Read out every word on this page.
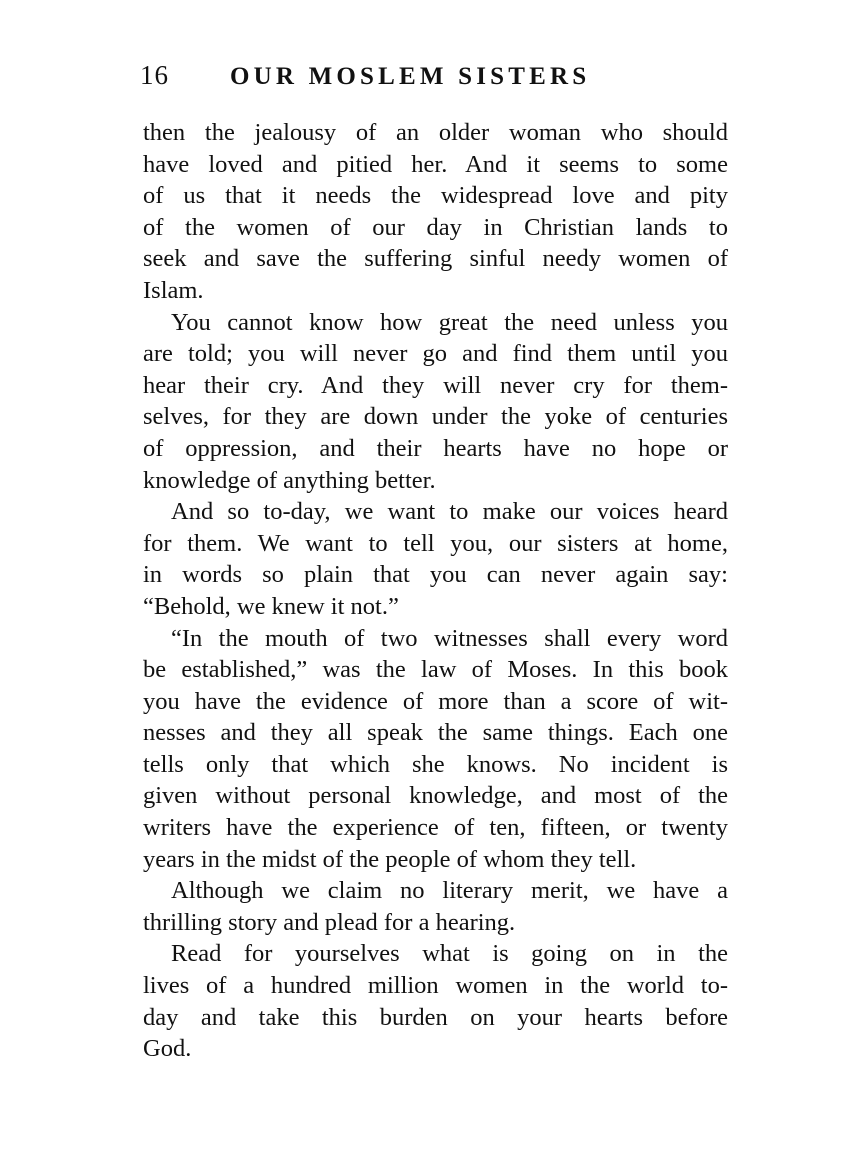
16	OUR MOSLEM SISTERS
then the jealousy of an older woman who should
have loved and pitied her. And it seems to some
of us that it needs the widespread love and pity
of the women of our day in Christian lands to
seek and save the suffering sinful needy women of
Islam.
You cannot know how great the need unless you
are told; you will never go and find them until you
hear their cry. And they will never cry for them-
selves, for they are down under the yoke of centuries
of oppression, and their hearts have no hope or
knowledge of anything better.
And so to-day, we want to make our voices heard
for them. We want to tell you, our sisters at home,
in words so plain that you can never again say:
“Behold, we knew it not.”
“In the mouth of two witnesses shall every word
be established,” was the law of Moses. In this book
you have the evidence of more than a score of wit-
nesses and they all speak the same things. Each one
tells only that which she knows. No incident is
given without personal knowledge, and most of the
writers have the experience of ten, fifteen, or twenty
years in the midst of the people of whom they tell.
Although we claim no literary merit, we have a
thrilling story and plead for a hearing.
Read for yourselves what is going on in the
lives of a hundred million women in the world to-
day and take this burden on your hearts before
God.
